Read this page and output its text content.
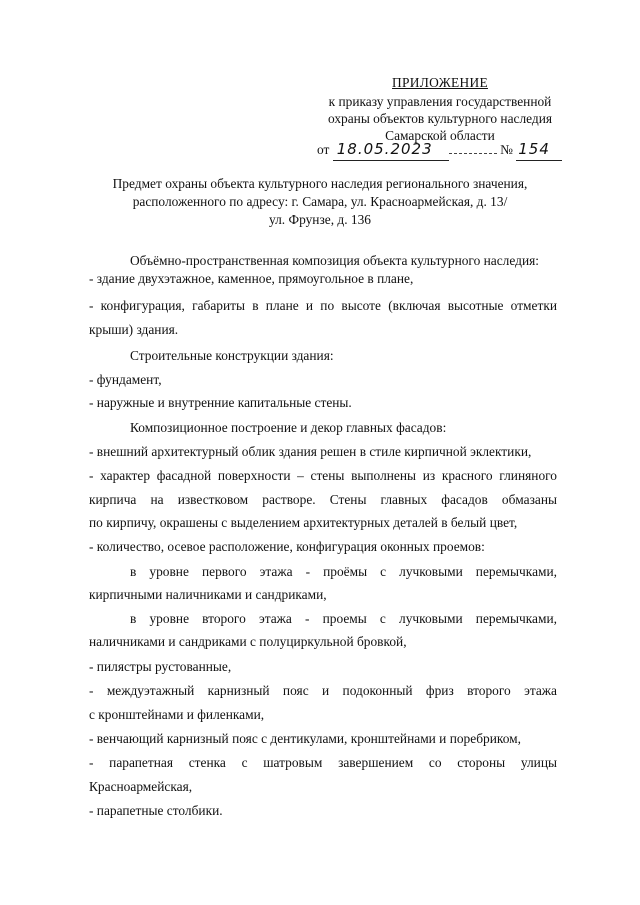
ПРИЛОЖЕНИЕ
к приказу управления государственной
охраны объектов культурного наследия
Самарской области
от 18.05.2023	№ 154
Предмет охраны объекта культурного наследия регионального значения,
расположенного по адресу: г. Самара, ул. Красноармейская, д. 13/
ул. Фрунзе, д. 136
Объёмно-пространственная композиция объекта культурного наследия:
- здание двухэтажное, каменное, прямоугольное в плане,
- конфигурация, габариты в плане и по высоте (включая высотные отметки
крыши) здания.
Строительные конструкции здания:
- фундамент,
- наружные и внутренние капитальные стены.
Композиционное построение и декор главных фасадов:
- внешний архитектурный облик здания решен в стиле кирпичной эклектики,
- характер фасадной поверхности – стены выполнены из красного глиняного
кирпича на известковом растворе. Стены главных фасадов обмазаны
по кирпичу, окрашены с выделением архитектурных деталей в белый цвет,
- количество, осевое расположение, конфигурация оконных проемов:
в уровне первого этажа - проёмы с лучковыми перемычками,
кирпичными наличниками и сандриками,
в уровне второго этажа - проемы с лучковыми перемычками,
наличниками и сандриками с полуциркульной бровкой,
- пилястры рустованные,
- междуэтажный карнизный пояс и подоконный фриз второго этажа
с кронштейнами и филенками,
- венчающий карнизный пояс с дентикулами, кронштейнами и поребриком,
- парапетная стенка с шатровым завершением со стороны улицы
Красноармейская,
- парапетные столбики.
